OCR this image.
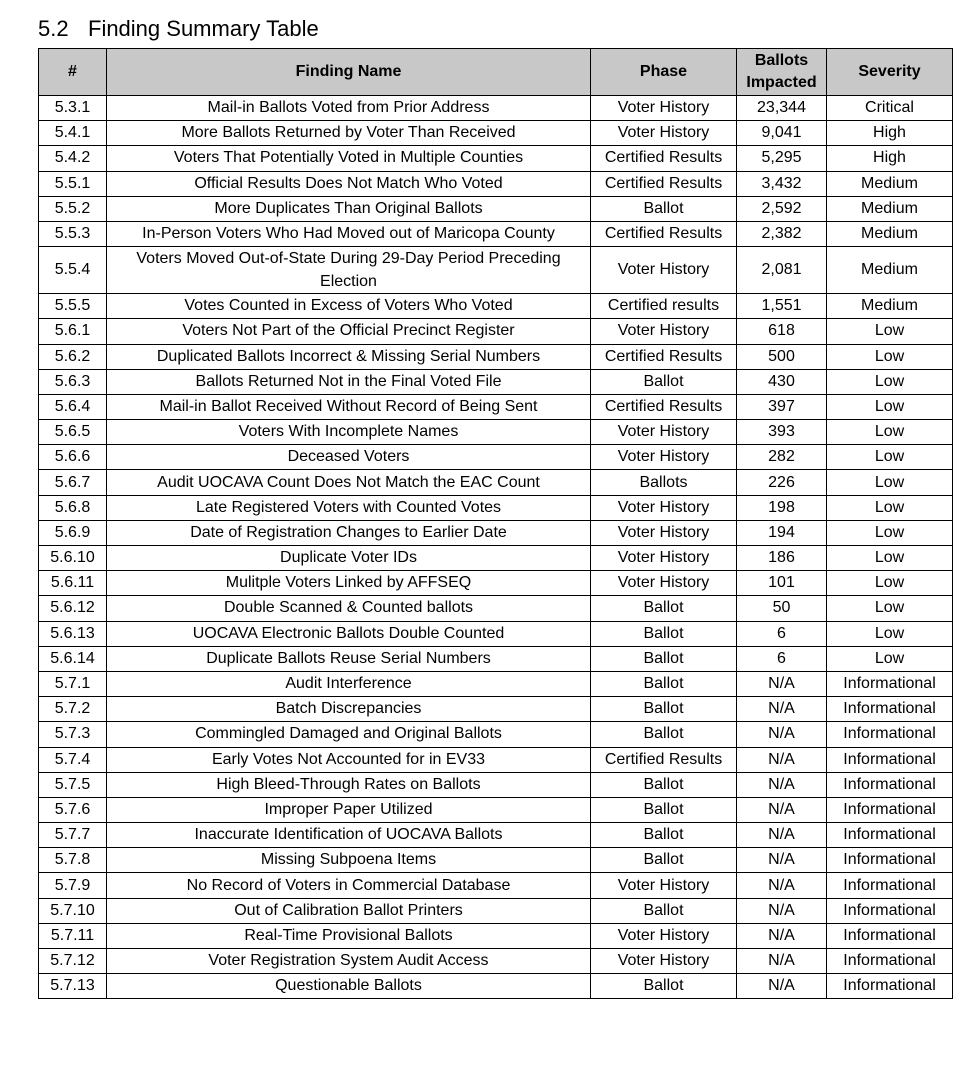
5.2 Finding Summary Table
#	Finding Name	Phase	Ballots Impacted	Severity
5.3.1	Mail-in Ballots Voted from Prior Address	Voter History	23,344	Critical
5.4.1	More Ballots Returned by Voter Than Received	Voter History	9,041	High
5.4.2	Voters That Potentially Voted in Multiple Counties	Certified Results	5,295	High
5.5.1	Official Results Does Not Match Who Voted	Certified Results	3,432	Medium
5.5.2	More Duplicates Than Original Ballots	Ballot	2,592	Medium
5.5.3	In-Person Voters Who Had Moved out of Maricopa County	Certified Results	2,382	Medium
5.5.4	Voters Moved Out-of-State During 29-Day Period Preceding Election	Voter History	2,081	Medium
5.5.5	Votes Counted in Excess of Voters Who Voted	Certified results	1,551	Medium
5.6.1	Voters Not Part of the Official Precinct Register	Voter History	618	Low
5.6.2	Duplicated Ballots Incorrect & Missing Serial Numbers	Certified Results	500	Low
5.6.3	Ballots Returned Not in the Final Voted File	Ballot	430	Low
5.6.4	Mail-in Ballot Received Without Record of Being Sent	Certified Results	397	Low
5.6.5	Voters With Incomplete Names	Voter History	393	Low
5.6.6	Deceased Voters	Voter History	282	Low
5.6.7	Audit UOCAVA Count Does Not Match the EAC Count	Ballots	226	Low
5.6.8	Late Registered Voters with Counted Votes	Voter History	198	Low
5.6.9	Date of Registration Changes to Earlier Date	Voter History	194	Low
5.6.10	Duplicate Voter IDs	Voter History	186	Low
5.6.11	Mulitple Voters Linked by AFFSEQ	Voter History	101	Low
5.6.12	Double Scanned & Counted ballots	Ballot	50	Low
5.6.13	UOCAVA Electronic Ballots Double Counted	Ballot	6	Low
5.6.14	Duplicate Ballots Reuse Serial Numbers	Ballot	6	Low
5.7.1	Audit Interference	Ballot	N/A	Informational
5.7.2	Batch Discrepancies	Ballot	N/A	Informational
5.7.3	Commingled Damaged and Original Ballots	Ballot	N/A	Informational
5.7.4	Early Votes Not Accounted for in EV33	Certified Results	N/A	Informational
5.7.5	High Bleed-Through Rates on Ballots	Ballot	N/A	Informational
5.7.6	Improper Paper Utilized	Ballot	N/A	Informational
5.7.7	Inaccurate Identification of UOCAVA Ballots	Ballot	N/A	Informational
5.7.8	Missing Subpoena Items	Ballot	N/A	Informational
5.7.9	No Record of Voters in Commercial Database	Voter History	N/A	Informational
5.7.10	Out of Calibration Ballot Printers	Ballot	N/A	Informational
5.7.11	Real-Time Provisional Ballots	Voter History	N/A	Informational
5.7.12	Voter Registration System Audit Access	Voter History	N/A	Informational
5.7.13	Questionable Ballots	Ballot	N/A	Informational
